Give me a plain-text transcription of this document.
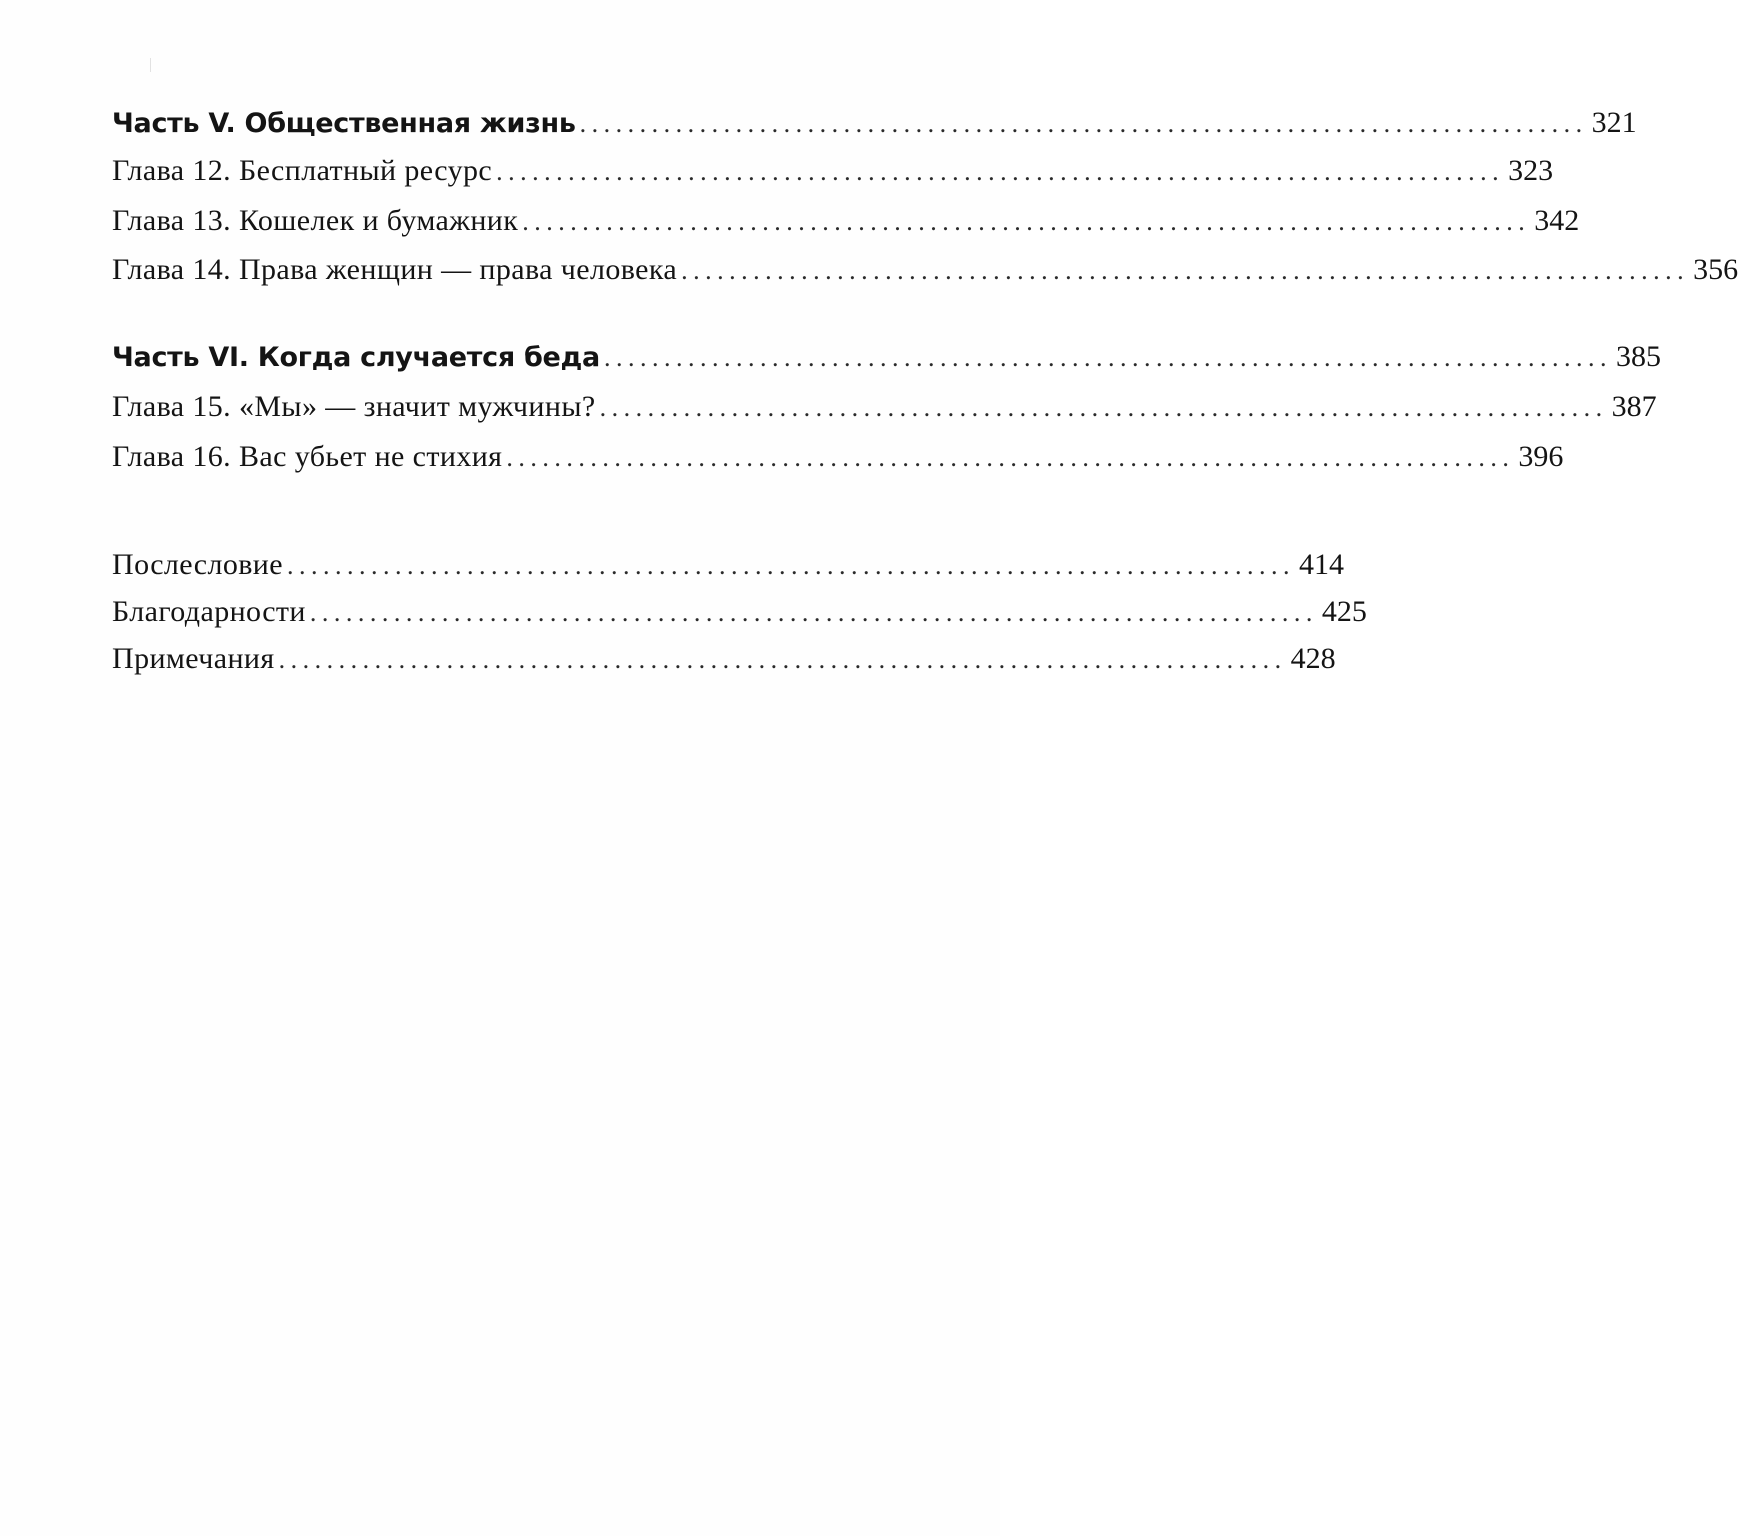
Часть V. Общественная жизнь .................................................................................... 321
Глава 12. Бесплатный ресурс .................................................................................... 323
Глава 13. Кошелек и бумажник .................................................................................... 342
Глава 14. Права женщин — права человека .................................................................................... 356
Часть VI. Когда случается беда .................................................................................... 385
Глава 15. «Мы» — значит мужчины? .................................................................................... 387
Глава 16. Вас убьет не стихия .................................................................................... 396
Послесловие .................................................................................... 414
Благодарности .................................................................................... 425
Примечания .................................................................................... 428
